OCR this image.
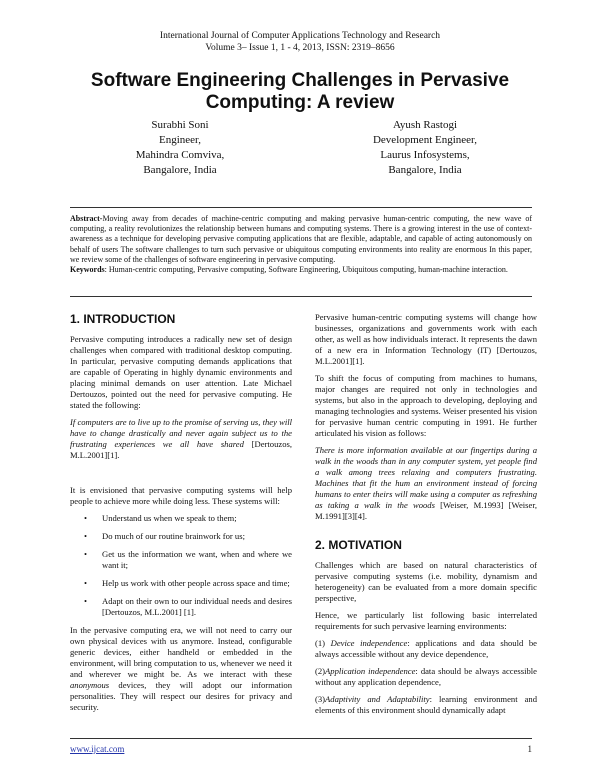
International Journal of Computer Applications Technology and Research
Volume 3– Issue 1, 1 - 4, 2013, ISSN: 2319–8656
Software Engineering Challenges in Pervasive
Computing: A review
Surabhi Soni
Engineer,
Mahindra Comviva,
Bangalore, India
Ayush Rastogi
Development Engineer,
Laurus Infosystems,
Bangalore, India
Abstract-Moving away from decades of machine-centric computing and making pervasive human-centric computing, the new wave of computing, a reality revolutionizes the relationship between humans and computing systems. There is a growing interest in the use of context-awareness as a technique for developing pervasive computing applications that are flexible, adaptable, and capable of acting autonomously on behalf of users The software challenges to turn such pervasive or ubiquitous computing environments into reality are enormous In this paper, we review some of the challenges of software engineering in pervasive computing.
Keywords: Human-centric computing, Pervasive computing, Software Engineering, Ubiquitous computing, human-machine interaction.
1. INTRODUCTION

Pervasive computing introduces a radically new set of design challenges when compared with traditional desktop computing. In particular, pervasive computing demands applications that are capable of Operating in highly dynamic environments and placing minimal demands on user attention. Late Michael Dertouzos, pointed out the need for pervasive computing. He stated the following:

If computers are to live up to the promise of serving us, they will have to change drastically and never again subject us to the frustrating experiences we all have shared [Dertouzos, M.L.2001][1].

It is envisioned that pervasive computing systems will help people to achieve more while doing less. These systems will:

• Understand us when we speak to them;
• Do much of our routine brainwork for us;
• Get us the information we want, when and where we want it;
• Help us work with other people across space and time;
• Adapt on their own to our individual needs and desires [Dertouzos, M.L.2001] [1].

In the pervasive computing era, we will not need to carry our own physical devices with us anymore. Instead, configurable generic devices, either handheld or embedded in the environment, will bring computation to us, whenever we need it and wherever we might be. As we interact with these anonymous devices, they will adopt our information personalities. They will respect our desires for privacy and security.

Pervasive human-centric computing systems will change how businesses, organizations and governments work with each other, as well as how individuals interact. It represents the dawn of a new era in Information Technology (IT) [Dertouzos, M.L.2001][1].

To shift the focus of computing from machines to humans, major changes are required not only in technologies and systems, but also in the approach to developing, deploying and managing technologies and systems. Weiser presented his vision for pervasive human centric computing in 1991. He further articulated his vision as follows:

There is more information available at our fingertips during a walk in the woods than in any computer system, yet people find a walk among trees relaxing and computers frustrating. Machines that fit the hum an environment instead of forcing humans to enter theirs will make using a computer as refreshing as taking a walk in the woods [Weiser, M.1993] [Weiser, M.1991][3][4].

2. MOTIVATION

Challenges which are based on natural characteristics of pervasive computing systems (i.e. mobility, dynamism and heterogeneity) can be evaluated from a more domain specific perspective,

Hence, we particularly list following basic interrelated requirements for such pervasive learning environments:

(1) Device independence: applications and data should be always accessible without any device dependence,

(2)Application independence: data should be always accessible without any application dependence,

(3)Adaptivity and Adaptability: learning environment and elements of this environment should dynamically adapt

www.ijcat.com	1
